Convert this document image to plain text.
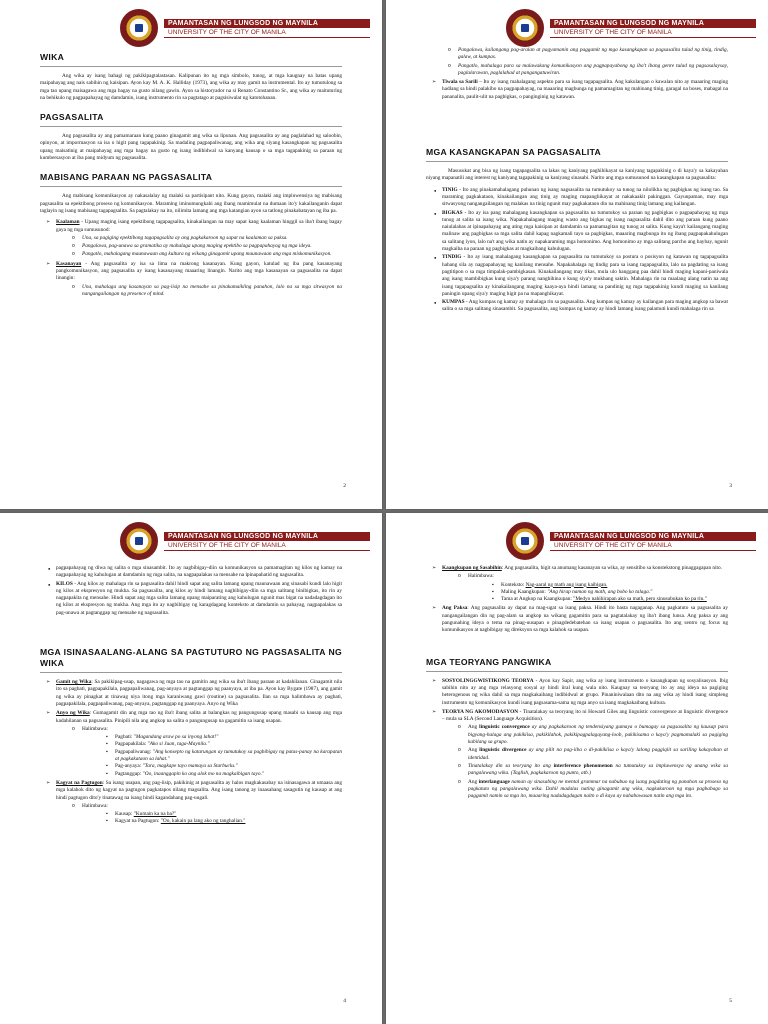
PAMANTASAN NG LUNGSOD NG MAYNILA
UNIVERSITY OF THE CITY OF MANILA
WIKA

Ang wika ay isang bahagi ng pakikipagtalastasan. Kalipunan ito ng mga simbolo, tunog, at mga kaugnay na batas upang maipahayag ang nais sabihin ng kaisipan. Ayon kay M. A. K. Halliday (1973), ang wika ay may gamit na instrumental. Ito ay tumutulong sa mga tao upang maisagawa ang mga bagay na gusto nilang gawin. Ayon sa historyador na si Renato Constantino Sr., ang wika ay maituturing na behikulo ng pagpapahayag ng damdamin, isang instrumento rin sa pagtatago at pagsisiwalat ng katotohanan.

PAGSASALITA

Ang pagsasalita ay ang pamamaraan kung paano ginagamit ang wika sa lipunan. Ang pagsasalita ay ang paglalahad ng saloobin, opinyon, at impormasyon sa isa o higit pang tagapakinig. Sa madaling pagpapaliwanag, ang wika ang siyang kasangkapan ng pagsasalita upang maisatinig at maipahayag ang mga bagay na gusto ng isang indibidwal sa kanyang kausap o sa mga tagapakinig sa paraan ng kumbersasyon at iba pang midyum ng pagsasalita.

MABISANG PARAAN NG PAGSASALITA

Ang mabisang komunikasyon ay nakasalalay ng malaki sa partisipant nito. Kung gayon, malaki ang impluwensiya ng mabisang pagsasalita sa epektibong proseso ng komunikasyon. Maraming iminumungkahi ang ibang mamimulat na dumaan ito'y kakailanganin dapat taglayin ng isang mabisang tagapagsalita. Sa pagtalakay na ito, nilimita lamang ang mga katangian ayon sa tatlong pinakabatayan ng iba pa.

➢ Kaalaman - Upang maging isang epektibong tagapagsalita, kinakailangan na may sapat kang kaalaman hinggil sa iba't ibang bagay gaya ng mga sumusunod:
o Una, sa pagiging epektibong tagapagsalita ay ang pagkakaroon ng sapat na kaalaman sa paksa.
o Pangalawa, pag-unawa sa gramatika ay mahalaga upang maging epektibo sa pagpapahayag ng mga ideya.
o Pangatlo, mahalagang maunawaan ang kultura ng wikang ginagamit upang maunawaan ang mga miskomunikasyon.
➢ Kasanayan - Ang pagsasalita ay isa sa lima na makrong kasanayan. Kung gayon, katulad ng iba pang kasanayang pangkomunikasyon, ang pagsasalita ay isang kasanayang maaaring linangin. Narito ang mga kasanayan sa pagsasalita na dapat linangin:
o Una, mahalaga ang kasanayan sa pag-iisip na mensahe sa pinakamaikling panahon, lalo na sa mga sitwasyon na nangangailangan ng presence of mind.
2
PAMANTASAN NG LUNGSOD NG MAYNILA
UNIVERSITY OF THE CITY OF MANILA
o Pangalawa, kailangang pag-aralan at pagyamanin ang paggamit ng mga kasangkapan sa pagsasalita tulad ng tinig, tindig, galaw, at kumpas.
o Pangatlo, mahalaga para sa malawakang komunikasyon ang pagpapayabong ng iba't ibang genre tulad ng pagsasalaysay, paglalarawan, paglalahad at pangangatuwiran.
➢ Tiwala sa Sarili – Ito ay isang mahalagang aspekto para sa isang tagapagsalita. Ang kakulangan o kawalan nito ay maaaring maging hadlang sa hindi palakibo na pagpapahayag, na maaaring magbunga ng pamamagitan ng mahinang tinig, garagal na boses, mabagal na pananalita, paulit-ulit na pagbigkas, o panginginig ng katawan.
MGA KASANGKAPAN SA PAGSASALITA

Masusukat ang bisa ng isang tagapagsalita sa lakas ng kaniyang paghihikayat sa kaniyang tagapakinig o di kaya'y sa kakayahan niyang mapanatili ang interest ng kaniyang tagapakinig sa kaniyang sinasabi. Narito ang mga sumusunod na kasangkapan sa pagsasalita:

● TINIG - Ito ang pinakamahalagang puhunan ng isang nagsasalita na tumutukoy sa tunog na nilolikha ng pagbigkas ng isang tao. Sa maraming pagkakataon, kinakailangan ang tinig ay maging mapanghikayat at nakakaakit pakinggan. Gayunpaman, may mga sitwasyong nangangailangan ng malakas na tinig ngunit may pagkakataon din na mahinang tinig lamang ang kailangan.
● BIGKAS - Ito ay isa pang mahalagang kasangkapan sa pagsasalita na tumutukoy sa paraan ng pagbigkas o pagpapahayag ng mga tunog at salita sa isang wika. Napakahalagang maging wasto ang bigkas ng isang nagsasalita dahil dito ang paraan kung paano naiulalabas at ipinapahayag ang ating mga kaisipan at damdamin sa pamamagitan ng tunog at salita. Kung kaya't kailangang maging malinaw ang pagbigkas sa mga salita dahil kapag nagkamali tayo sa pagbigkas, maaaring magbunga ito ng ibang pagpapakahulugan sa salitang iyon, lalo na't ang wika natin ay napakaraming mga homonimo. Ang homonimo ay mga salitang parcho ang baybay, ngunit magkaiba na paraan ng pagbigkas at magkaibang kahulugan.
● TINDIG - Ito ay isang mahalagang kasangkapan sa pagsasalita na tumutukoy sa postura o posisyon ng katawan ng tagapagsalita habang sila ay nagpapahayag ng kanilang mensahe. Napakahalaga ng tindig para sa isang tagapagsalita, lalo na pagdating sa isang pagtitipon o sa mga timpalak-pambigkasan. Kinakailangang may tikas, mula ulo hanggang paa dahil hindi maging kapani-paniwala ang isang mambibigkas kung siya'y parang nanghihina o kung siya'y mukhang saktin. Mahalaga rin na maalang alang natin na ang isang tagapagsalita ay kinakailangang maging kaaya-aya hindi lamang sa pandinig ng mga tagapakinig kundi maging sa kanilang paningin upang siya'y maging higit pa na mapanghikayat.
● KUMPAS - Ang kumpas ng kamay ay mahalaga rin sa pagsasalita. Ang kumpas ng kamay ay kailangan para maging angkop sa bawat salita o sa mga salitang sinasambit. Sa pagsasalita, ang kumpas ng kamay ay hindi lamang isang palamuti kundi mahalaga rin sa
3
PAMANTASAN NG LUNGSOD NG MAYNILA
UNIVERSITY OF THE CITY OF MANILA
● pagpapahayag ng diwa ng salita o mga sinasambit. Ito ay nagbibigay-diin sa komunikasyon sa pamamagitan ng kilos ng kamay na nagpapahayag ng kahulugan at damdamin ng mga salita, na nagpapalakas sa mensahe na ipinapahatid ng nagsasalita.
● KILOS - Ang kilos ay mahalaga rin sa pagsasalita dahil hindi sapat ang salita lamang upang maunawaan ang sinasabi kundi lalo higit ng kilos at ekspresyon ng mukha. Sa pagsasalita, ang kilos ay hindi lamang nagbibigay-diin sa mga salitang binibigkas, ito rin ay nagpapakita ng mensahe. Hindi sapat ang mga salita lamang upang maiparating ang kahulugan ngunit mas bigat na nadadagdagan ito ng kilos at ekspresyon ng mukha. Ang mga ito ay nagbibigay ng karagdagang konteksto at damdamin sa pahayag, nagpapalakas sa pag-unawa at pagtanggap ng mensahe ng nagsasalita.
MGA ISINASAALANG-ALANG SA PAGTUTURO NG PAGSASALITA NG WIKA
➢ Gamit ng Wika: Sa pakikipag-usap, nagagawa ng mga tao na gamitin ang wika sa iba't ibang paraan at kadahilanan. Ginagamit nila ito sa pagbati, pagpapakilala, pagpapaliwanag, pag-anyaya at pagtanggap ng paanyaya, at iba pa. Ayon kay Bygate (1987), ang gamit ng wika ay pinagkat at tinawag niya itong mga karaniwang gawi (routine) sa pagsasalita. Ilan sa mga halimbawa ay pagbati, pagpapakilala, pagpapaliwanag, pag-anyaya, pagtanggap ng paanyaya. Anyo ng Wika
➢ Anyo ng Wika: Gumagamit din ang mga tao ng iba't ibang salita at balangkas ng pangungusap upang masabi sa kausap ang mga kadahilanan sa pagsasalita. Pinipili nila ang angkop na salita o pangungusap na gagamitin sa isang usapan.
o Halimbawa:
▪ Pagbati: "Magandang araw po sa inyong lahat!"
▪ Pagpapakilala: "Ako si Juan, taga-Maynila."
▪ Pagpapaliwanag: "Ang konsepto ng katarungan ay tumutukoy sa pagbibigay ng patas-panay na karapatan at pagkakataon sa lahat."
▪ Pag-anyaya: "Tara, magkape tayo mamaya sa Starbucks."
▪ Pagtanggap: "Oo, inaanggapin ko ang alok mo na magkaibigan tayo."
➢ Kagyat na Pagtugon: Sa isang usapan, ang pag-iisip, pakikinig at pagsasalita ay halos magkakasabay na isinasagawa at umaasa ang mga kalahok dito ng kagyat na pagtugon pagkatapos nilang magsalita. Ang isang tanong ay inaasahang sasagutin ng kausap at ang hindi pagtugon dito'y tinatawag na isang hindi kagandahang pag-uugali.
o Halimbawa:
▪ Kausap: "Kumain ka na ba?"
▪ Kagyat na Pagtugon: "Oo, kakain pa lang ako ng tanghalian."
4
PAMANTASAN NG LUNGSOD NG MAYNILA
UNIVERSITY OF THE CITY OF MANILA
➢ Kaangkupan ng Sasabihin: Ang pagsasalita, higit sa anumang kasanayan sa wika, ay sensitibo sa konstekstong pinaggagapan nito.
o Halimbawa:
▪ Konteksto: Nag-aaral ng math ang isang kaibigan.
▪ Maling Kaangkupan: "Ang hirap naman ng math, ang bobo ko talaga."
▪ Tama at Angkop na Kaangkupan: "Medyo nahihirapan ako sa math, pero sinusubukan ko pa rin."
➢ Ang Paksa: Ang pagsasalita ay dapat na mag-ugat sa isang paksa. Hindi ito basta nagaganap. Ang pagkatuto sa pagsasalita ay nangangailangan din ng pag-alam sa angkop na wikang gagamitin para sa pagtatalakay ng iba't ibang lunsa. Ang paksa ay ang pangunahing ideya o tema na pinag-uusapan o pinagdedebatehan sa isang usapan o pagsasalita. Ito ang sentro ng focus ng komunikasyon at nagbibigay ng direksyon sa mga kalahok sa usapan.
MGA TEORYANG PANGWIKA
➢ SOSYOLINGGWISTIKONG TEORYA - Ayon kay Sapir, ang wika ay isang instrumento o kasangkapan ng sosyalisasyon. Ibig sabihin nito ay ang mga relasyong sosyal ay hindi iiral kung wala nito. Kaugnay sa teoryang ito ay ang ideya na pagiging heterogenous ng wika dahil sa mga magkakaibang indibidwal at grupo. Pinaniniwalaan dito na ang wika ay hindi isang simpleng instrumento ng komunikasyon kundi isang pagsasama-sama ng mga anyo sa isang magkakaibang kultura.
➢ TEORYA NG AKOMODASYON - Tinatalakay sa teoryang ito ni Howard Giles ang linguistic convergence at linguistic divergence – mula sa SLA (Second Language Acquisition).
o Ang linguistic convergence ay ang pagkakaroon ng tendensiyang gumaya o bumagay sa pagsasalita ng kausap para bigyang-halaga ang pakikiisa, pakikilahok, pakikipagpalagayang-loob, pakikisama o kaya'y pagmamalaki sa pagiging kabilang sa grupo.
o Ang linguistic divergence ay ang pilit na pag-iiba o di-pakikiisa o kaya'y lalong paggiqiit sa sariling kakayahan at identidad.
o Tinatalakay din sa teoryang ito ang interference phenomenon na tumutukoy sa impluwensya ng unang wika sa pangalawang wika. (Taglish, pagkakaroon ng puntо, atb.)
o Ang interlanguage naman ay sinasabing ne mental grammar na nabubuo ng isang pagdating ng panahon sa proseso ng pagkatuto ng pangalawang wika. Dahil madalas nating ginagamit ang wika, nagkakaroon ng mga pagbabago sa paggamit namin sa mga ito, maaaring nadadagdagan naitn o di kaya ay nababawasan natin ang mga ito.
5
